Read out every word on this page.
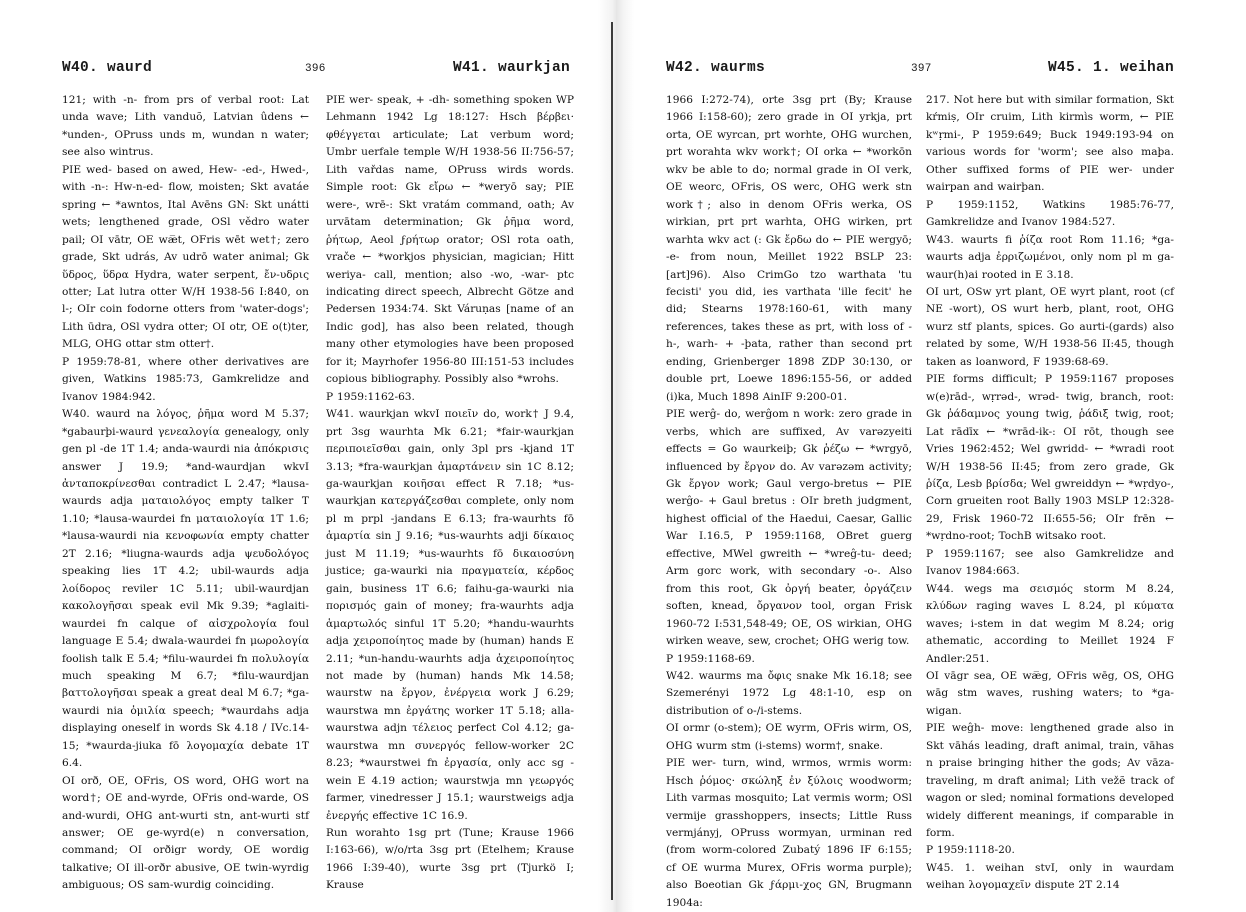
W40. waurd	396	W41. waurkjan
121; with -n- from prs of verbal root: Lat unda wave; Lith vanduõ, Latvian ûdens ← *unden-, OPruss unds m, wundan n water; see also wintrus.
PIE wed- based on awed, Hew- -ed-, Hwed-, with -n-: Hw-n-ed- flow, moisten; Skt avatáe spring ← *awntos, Ital Avēns GN: Skt unátti wets; lengthened grade, OSl vědro water pail; OI vātr, OE wæ̅t, OFris wēt wet†; zero grade, Skt udrás, Av udrō water animal; Gk ὕδρος, ὕδρα Hydra, water serpent, ἔν-υδρις otter; Lat lutra otter W/H 1938-56 I:840, on l-; OIr coin fodorne otters from 'water-dogs'; Lith ūdra, OSl vydra otter; OI otr, OE o(t)ter, MLG, OHG ottar stm otter†.
P 1959:78-81, where other derivatives are given, Watkins 1985:73, Gamkrelidze and Ivanov 1984:942.
W40. waurd na λόγος, ῥῆμα word M 5.37; *gabaurþi-waurd γενεαλογία genealogy, only gen pl -de 1T 1.4; anda-waurdi nia ἀπόκρισις answer J 19.9; *and-waurdjan wkvI ἀνταποκρίνεσθαι contradict L 2.47; *lausa-waurds adja ματαιολόγος empty talker T 1.10; *lausa-waurdei fn ματαιολογία 1T 1.6; *lausa-waurdi nia κενοφωνία empty chatter 2T 2.16; *liugna-waurds adja ψευδολόγος speaking lies 1T 4.2; ubil-waurds adja λοίδορος reviler 1C 5.11; ubil-waurdjan κακολογῆσαι speak evil Mk 9.39; *aglaiti-waurdei fn calque of αἰσχρολογία foul language E 5.4; dwala-waurdei fn μωρολογία foolish talk E 5.4; *filu-waurdei fn πολυλογία much speaking M 6.7; *filu-waurdjan βαττολογῆσαι speak a great deal M 6.7; *ga-waurdi nia ὁμιλία speech; *waurdahs adja displaying oneself in words Sk 4.18 / IVc.14-15; *waurda-jiuka fō λογομαχία debate 1T 6.4.
OI orð, OE, OFris, OS word, OHG wort na word†; OE and-wyrde, OFris ond-warde, OS and-wurdi, OHG ant-wurti stn, ant-wurti stf answer; OE ge-wyrd(e) n conversation, command; OI orðigr wordy, OE wordig talkative; OI ill-orðr abusive, OE twin-wyrdig ambiguous; OS sam-wurdig coinciding.
PIE wer- speak, + -dh- something spoken WP Lehmann 1942 Lg 18:127: Hsch βέρβει· φθέγγεται articulate; Lat verbum word; Umbr uerfale temple W/H 1938-56 II:756-57; Lith vařdas name, OPruss wirds words. Simple root: Gk εἴρω ← *weryō say; PIE were-, wrē-: Skt vratám command, oath; Av urvātam determination; Gk ῥῆμα word, ῥήτωρ, Aeol ϝρήτωρ orator; OSl rota oath, vrače ← *workjos physician, magician; Hitt weriya- call, mention; also -wo, -war- ptc indicating direct speech, Albrecht Götze and Pedersen 1934:74. Skt Váruṇas [name of an Indic god], has also been related, though many other etymologies have been proposed for it; Mayrhofer 1956-80 III:151-53 includes copious bibliography. Possibly also *wrohs.
P 1959:1162-63.
W41. waurkjan wkvI ποιεῖν do, work† J 9.4, prt 3sg waurhta Mk 6.21; *fair-waurkjan περιποιεῖσθαι gain, only 3pl prs -kjand 1T 3.13; *fra-waurkjan ἁμαρτάνειν sin 1C 8.12; ga-waurkjan κοιῆσαι effect R 7.18; *us-waurkjan κατεργάζεσθαι complete, only nom pl m prpl -jandans E 6.13; fra-waurhts fō ἁμαρτία sin J 9.16; *us-waurhts adji δίκαιος just M 11.19; *us-waurhts fō δικαιοσύνη justice; ga-waurki nia πραγματεία, κέρδος gain, business 1T 6.6; faihu-ga-waurki nia πορισμός gain of money; fra-waurhts adja ἁμαρτωλός sinful 1T 5.20; *handu-waurhts adja χειροποίητος made by (human) hands E 2.11; *un-handu-waurhts adja ἀχειροποίητος not made by (human) hands Mk 14.58; waurstw na ἔργον, ἐνέργεια work J 6.29; waurstwa mn ἐργάτης worker 1T 5.18; alla-waurstwa adjn τέλειος perfect Col 4.12; ga-waurstwa mn συνεργός fellow-worker 2C 8.23; *waurstwei fn ἐργασία, only acc sg -wein E 4.19 action; waurstwja mn γεωργός farmer, vinedresser J 15.1; waurstweigs adja ἐνεργής effective 1C 16.9.
Run worahto 1sg prt (Tune; Krause 1966 I:163-66), w/o/rta 3sg prt (Etelhem; Krause 1966 I:39-40), wurte 3sg prt (Tjurkö I; Krause
W42. waurms	397	W45. 1. weihan
1966 I:272-74), orte 3sg prt (By; Krause 1966 I:158-60); zero grade in OI yrkja, prt orta, OE wyrcan, prt worhte, OHG wurchen, prt worahta wkv work†; OI orka ← *workōn wkv be able to do; normal grade in OI verk, OE weorc, OFris, OS werc, OHG werk stn work†; also in denom OFris werka, OS wirkian, prt prt warhta, OHG wirken, prt warhta wkv act (: Gk ἔρδω do ← PIE wergyō; -e- from noun, Meillet 1922 BSLP 23:[art]96). Also CrimGo tzo warthata 'tu fecisti' you did, ies varthata 'ille fecit' he did; Stearns 1978:160-61, with many references, takes these as prt, with loss of -h-, warh- + -þata, rather than second prt ending, Grienberger 1898 ZDP 30:130, or double prt, Loewe 1896:155-56, or added (i)ka, Much 1898 AinIF 9:200-01.
PIE werĝ- do, werĝom n work: zero grade in verbs, which are suffixed, Av varəzyeiti effects = Go waurkeiþ; Gk ῥέζω ← *wrgyō, influenced by ἔργον do. Av varəzəm activity; Gk ἔργον work; Gaul vergo-bretus ← PIE werĝo- + Gaul bretus : OIr breth judgment, highest official of the Haedui, Caesar, Gallic War I.16.5, P 1959:1168, OBret guerg effective, MWel gwreith ← *wreĝ-tu- deed; Arm gorc work, with secondary -o-. Also from this root, Gk ὀργή beater, ὀργάζειν soften, knead, ὄργανον tool, organ Frisk 1960-72 I:531,548-49; OE, OS wirkian, OHG wirken weave, sew, crochet; OHG werig tow.
P 1959:1168-69.
W42. waurms ma ὄφις snake Mk 16.18; see Szemerényi 1972 Lg 48:1-10, esp on distribution of o-/i-stems.
OI ormr (o-stem); OE wyrm, OFris wirm, OS, OHG wurm stm (i-stems) worm†, snake.
PIE wer- turn, wind, wrmos, wrmis worm: Hsch ῥόμος· σκώληξ ἐν ξύλοις woodworm; Lith varmas mosquito; Lat vermis worm; OSl vermije grasshoppers, insects; Little Russ vermjányj, OPruss wormyan, urminan red (from worm-colored Zubatý 1896 IF 6:155; cf OE wurma Murex, OFris worma purple); also Boeotian Gk ϝάρμι-χος GN, Brugmann 1904a:
217. Not here but with similar formation, Skt kŕmiṣ, OIr cruim, Lith kirmìs worm, ← PIE kʷṛmi-, P 1959:649; Buck 1949:193-94 on various words for 'worm'; see also maþa. Other suffixed forms of PIE wer- under wairpan and wairþan.
P 1959:1152, Watkins 1985:76-77, Gamkrelidze and Ivanov 1984:527.
W43. waurts fi ῥίζα root Rom 11.16; *ga-waurts adja ἐρριζωμένοι, only nom pl m ga-waur(h)ai rooted in E 3.18.
OI urt, OSw yrt plant, OE wyrt plant, root (cf NE -wort), OS wurt herb, plant, root, OHG wurz stf plants, spices. Go aurti-(gards) also related by some, W/H 1938-56 II:45, though taken as loanword, F 1939:68-69.
PIE forms difficult; P 1959:1167 proposes w(e)rād-, wṛrəd-, wrəd- twig, branch, root: Gk ῥάδαμνος young twig, ῥάδιξ twig, root; Lat rādīx ← *wrād-ik-: OI rōt, though see Vries 1962:452; Wel gwridd- ← *wradi root W/H 1938-56 II:45; from zero grade, Gk ῥίζα, Lesb βρίσδα; Wel gwreiddyn ← *wṛdyo-, Corn grueiten root Bally 1903 MSLP 12:328-29, Frisk 1960-72 II:655-56; OIr frēn ← *wṛdno-root; TochB witsako root.
P 1959:1167; see also Gamkrelidze and Ivanov 1984:663.
W44. wegs ma σεισμός storm M 8.24, κλύδων raging waves L 8.24, pl κύματα waves; i-stem in dat wegim M 8.24; orig athematic, according to Meillet 1924 F Andler:251.
OI vāgr sea, OE wæ̅g, OFris wēg, OS, OHG wāg stm waves, rushing waters; to *ga-wigan.
PIE weĝh- move: lengthened grade also in Skt vāhás leading, draft animal, train, vāhas n praise bringing hither the gods; Av vāza-traveling, m draft animal; Lith vežẽ track of wagon or sled; nominal formations developed widely different meanings, if comparable in form.
P 1959:1118-20.
W45. 1. weihan stvI, only in waurdam weihan λογομαχεῖν dispute 2T 2.14
